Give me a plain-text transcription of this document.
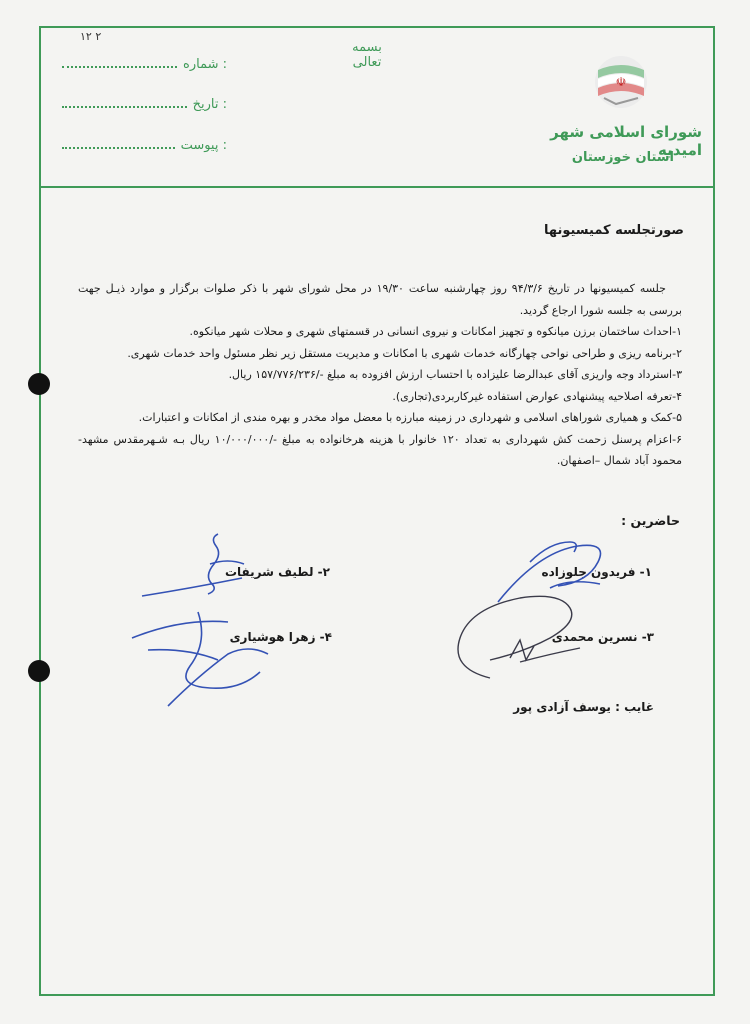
۱۲ ۲
بسمه تعالی
شماره :
تاریخ :
پیوست :
☫
شورای اسلامی شهر امیدیه
استان خوزستان
صورتجلسه کمیسیونها

جلسه کمیسیونها در تاریخ ۹۴/۳/۶ روز چهارشنبه ساعت ۱۹/۳۰ در محل شورای شهر با ذکر صلوات برگزار و موارد ذیـل جهت بررسی به جلسه شورا ارجاع گردید.

۱-احداث ساختمان برزن میانکوه و تجهیز امکانات و نیروی انسانی در قسمتهای شهری و محلات شهر میانکوه.

۲-برنامه ریزی و طراحی نواحی چهارگانه خدمات شهری با امکانات و مدیریت مستقل زیر نظر مسئول واحد خدمات شهری.

۳-استرداد وجه واریزی آقای عبدالرضا علیزاده با احتساب ارزش افزوده به مبلغ -/۱۵۷/۷۷۶/۲۳۶ ریال.

۴-تعرفه اصلاحیه پیشنهادی عوارض استفاده غیرکاربردی(تجاری).

۵-کمک و همیاری شوراهای اسلامی و شهرداری در زمینه مبارزه با معضل مواد مخدر و بهره مندی از امکانات و اعتبارات.

۶-اعزام پرسنل زحمت کش شهرداری به تعداد ۱۲۰ خانوار با هزینه هرخانواده به مبلغ -/۱۰/۰۰۰/۰۰۰ ریال بـه شـهرمقدس مشهد- محمود آباد شمال –اصفهان.

حاضرین :
۱- فریدون جلوزاده
۲- لطیف شریفات
۳- نسرین محمدی
۴- زهرا هوشیاری
غایب : یوسف آزادی پور
